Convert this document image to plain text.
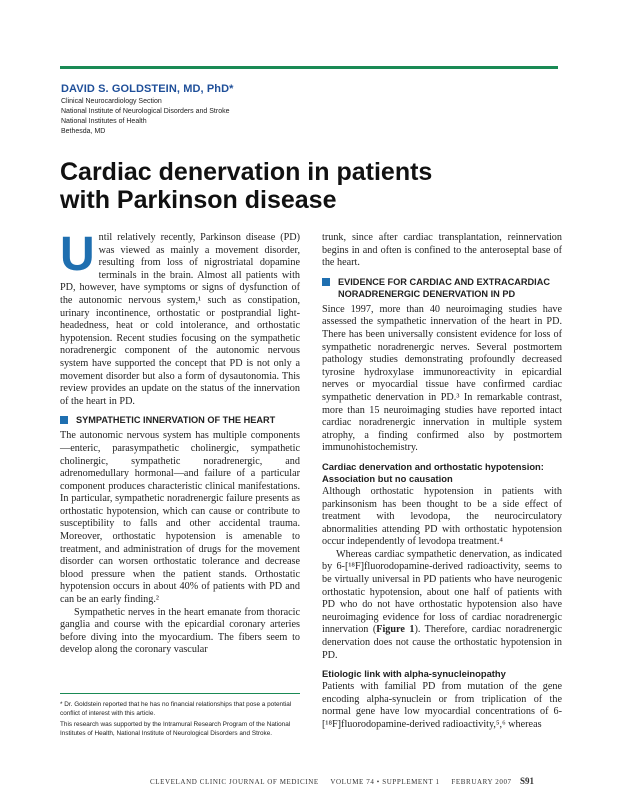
DAVID S. GOLDSTEIN, MD, PhD*
Clinical Neurocardiology Section
National Institute of Neurological Disorders and Stroke
National Institutes of Health
Bethesda, MD
Cardiac denervation in patients
with Parkinson disease

Until relatively recently, Parkinson disease (PD) was viewed as mainly a movement disorder, resulting from loss of nigrostriatal dopamine terminals in the brain. Almost all patients with PD, however, have symptoms or signs of dysfunction of the autonomic nervous system,¹ such as constipation, urinary incontinence, orthostatic or postprandial light-headedness, heat or cold intolerance, and orthostatic hypotension. Recent studies focusing on the sympathetic noradrenergic component of the autonomic nervous system have supported the concept that PD is not only a movement disorder but also a form of dysautonomia. This review provides an update on the status of the innervation of the heart in PD.

SYMPATHETIC INNERVATION OF THE HEART

The autonomic nervous system has multiple components—enteric, parasympathetic cholinergic, sympathetic cholinergic, sympathetic noradrenergic, and adrenomedullary hormonal—and failure of a particular component produces characteristic clinical manifestations. In particular, sympathetic noradrenergic failure presents as orthostatic hypotension, which can cause or contribute to susceptibility to falls and other accidental trauma. Moreover, orthostatic hypotension is amenable to treatment, and administration of drugs for the movement disorder can worsen orthostatic tolerance and decrease blood pressure when the patient stands. Orthostatic hypotension occurs in about 40% of patients with PD and can be an early finding.²

Sympathetic nerves in the heart emanate from thoracic ganglia and course with the epicardial coronary arteries before diving into the myocardium. The fibers seem to develop along the coronary vascular

trunk, since after cardiac transplantation, reinnervation begins in and often is confined to the anteroseptal base of the heart.

EVIDENCE FOR CARDIAC AND EXTRACARDIAC NORADRENERGIC DENERVATION IN PD

Since 1997, more than 40 neuroimaging studies have assessed the sympathetic innervation of the heart in PD. There has been universally consistent evidence for loss of sympathetic noradrenergic nerves. Several postmortem pathology studies demonstrating profoundly decreased tyrosine hydroxylase immunoreactivity in epicardial nerves or myocardial tissue have confirmed cardiac sympathetic denervation in PD.³ In remarkable contrast, more than 15 neuroimaging studies have reported intact cardiac noradrenergic innervation in multiple system atrophy, a finding confirmed also by postmortem immunohistochemistry.

Cardiac denervation and orthostatic hypotension: Association but no causation

Although orthostatic hypotension in patients with parkinsonism has been thought to be a side effect of treatment with levodopa, the neurocirculatory abnormalities attending PD with orthostatic hypotension occur independently of levodopa treatment.⁴

Whereas cardiac sympathetic denervation, as indicated by 6-[¹⁸F]fluorodopamine-derived radioactivity, seems to be virtually universal in PD patients who have neurogenic orthostatic hypotension, about one half of patients with PD who do not have orthostatic hypotension also have neuroimaging evidence for loss of cardiac noradrenergic innervation (Figure 1). Therefore, cardiac noradrenergic denervation does not cause the orthostatic hypotension in PD.

Etiologic link with alpha-synucleinopathy

Patients with familial PD from mutation of the gene encoding alpha-synuclein or from triplication of the normal gene have low myocardial concentrations of 6-[¹⁸F]fluorodopamine-derived radioactivity,⁵,⁶ whereas

* Dr. Goldstein reported that he has no financial relationships that pose a potential conflict of interest with this article.
This research was supported by the Intramural Research Program of the National Institutes of Health, National Institute of Neurological Disorders and Stroke.
CLEVELAND CLINIC JOURNAL OF MEDICINE VOLUME 74 • SUPPLEMENT 1 FEBRUARY 2007 S91
